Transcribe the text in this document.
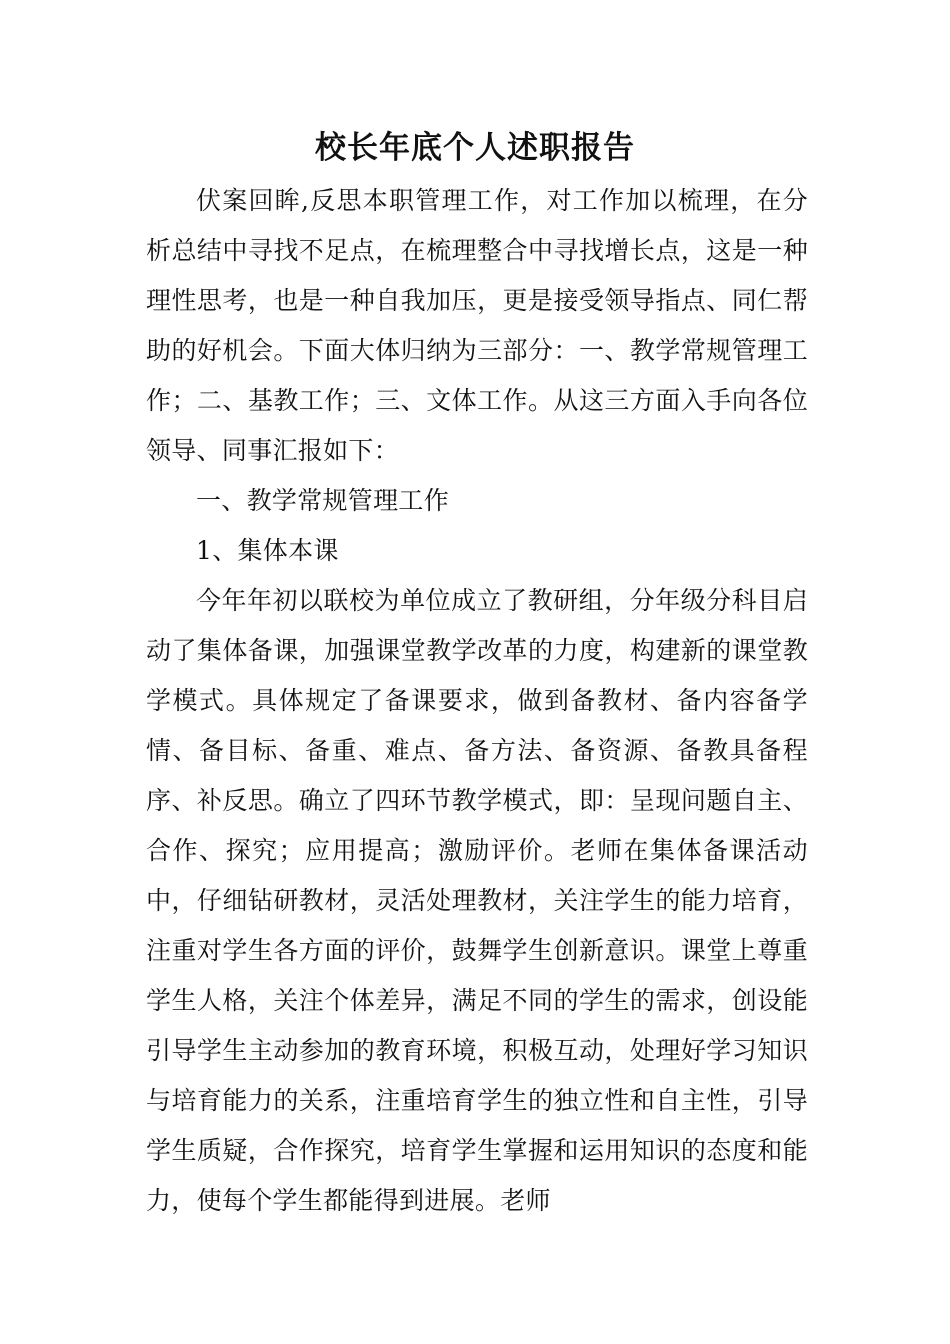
校长年底个人述职报告

伏案回眸,反思本职管理工作，对工作加以梳理，在分析总结中寻找不足点，在梳理整合中寻找增长点，这是一种理性思考，也是一种自我加压，更是接受领导指点、同仁帮助的好机会。下面大体归纳为三部分：一、教学常规管理工作；二、基教工作；三、文体工作。从这三方面入手向各位领导、同事汇报如下：

一、教学常规管理工作

1、集体本课

今年年初以联校为单位成立了教研组，分年级分科目启动了集体备课，加强课堂教学改革的力度，构建新的课堂教学模式。具体规定了备课要求，做到备教材、备内容备学情、备目标、备重、难点、备方法、备资源、备教具备程序、补反思。确立了四环节教学模式，即：呈现问题自主、合作、探究；应用提高；激励评价。老师在集体备课活动中，仔细钻研教材，灵活处理教材，关注学生的能力培育，注重对学生各方面的评价，鼓舞学生创新意识。课堂上尊重学生人格，关注个体差异，满足不同的学生的需求，创设能引导学生主动参加的教育环境，积极互动，处理好学习知识与培育能力的关系，注重培育学生的独立性和自主性，引导学生质疑，合作探究，培育学生掌握和运用知识的态度和能力，使每个学生都能得到进展。老师
